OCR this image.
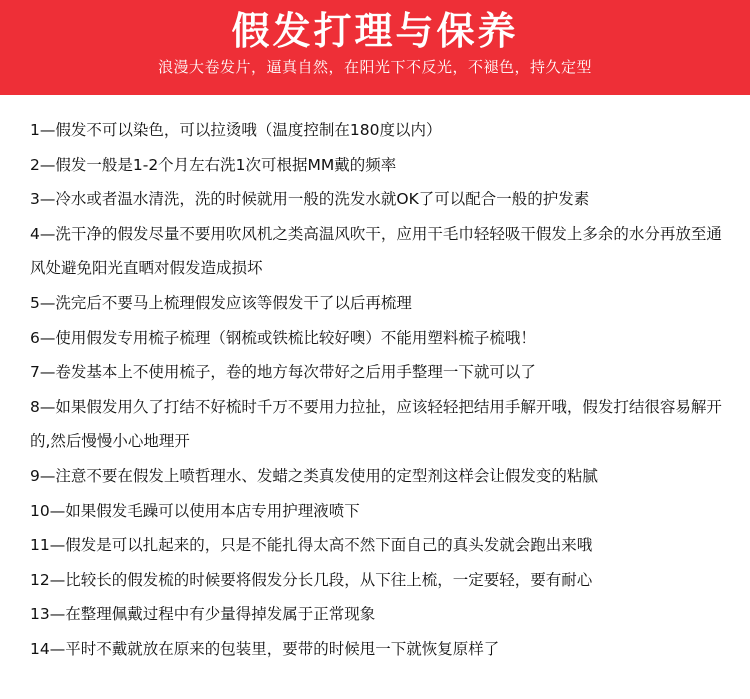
假发打理与保养
浪漫大卷发片，逼真自然，在阳光下不反光，不褪色，持久定型
1—假发不可以染色，可以拉烫哦（温度控制在180度以内）
2—假发一般是1-2个月左右洗1次可根据MM戴的频率
3—冷水或者温水清洗，洗的时候就用一般的洗发水就OK了可以配合一般的护发素
4—洗干净的假发尽量不要用吹风机之类高温风吹干，应用干毛巾轻轻吸干假发上多余的水分再放至通风处避免阳光直晒对假发造成损坏
5—洗完后不要马上梳理假发应该等假发干了以后再梳理
6—使用假发专用梳子梳理（钢梳或铁梳比较好噢）不能用塑料梳子梳哦！
7—卷发基本上不使用梳子，卷的地方每次带好之后用手整理一下就可以了
8—如果假发用久了打结不好梳时千万不要用力拉扯，应该轻轻把结用手解开哦，假发打结很容易解开的,然后慢慢小心地理开
9—注意不要在假发上喷哲理水、发蜡之类真发使用的定型剂这样会让假发变的粘腻
10—如果假发毛躁可以使用本店专用护理液喷下
11—假发是可以扎起来的，只是不能扎得太高不然下面自己的真头发就会跑出来哦
12—比较长的假发梳的时候要将假发分长几段，从下往上梳，一定要轻，要有耐心
13—在整理佩戴过程中有少量得掉发属于正常现象
14—平时不戴就放在原来的包装里，要带的时候甩一下就恢复原样了
